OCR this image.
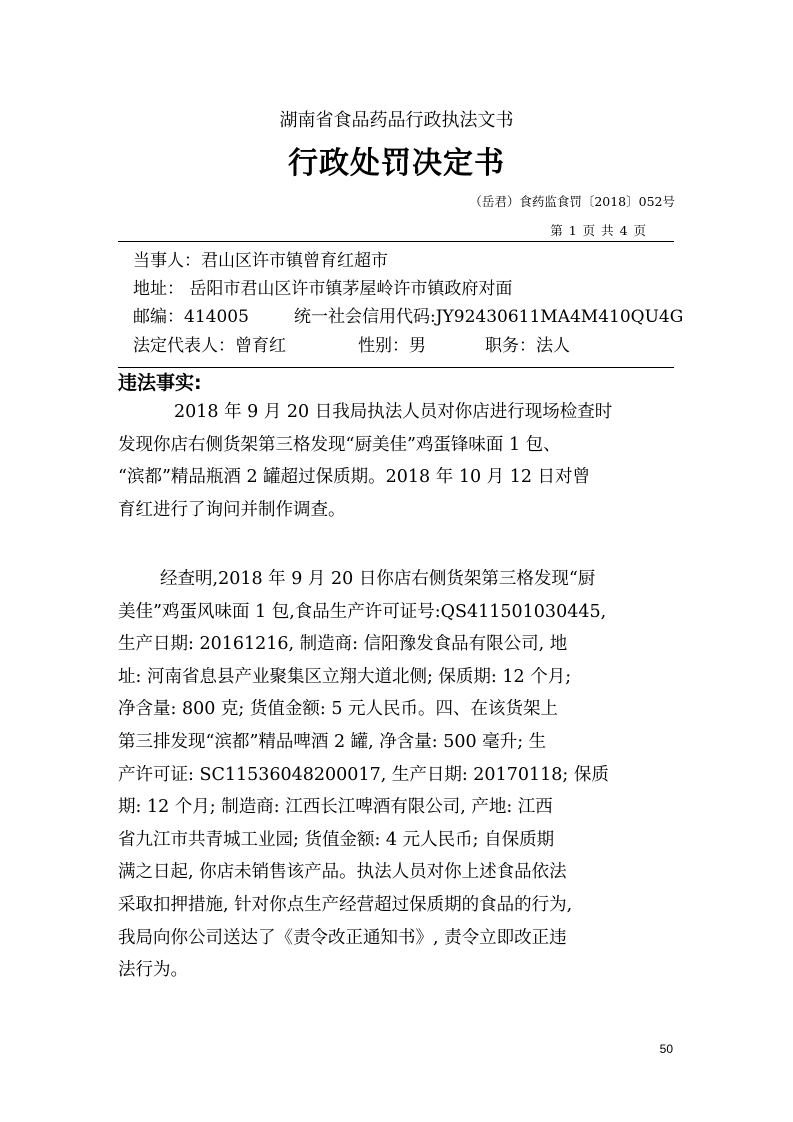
湖南省食品药品行政执法文书
行政处罚决定书
（岳君）食药监食罚〔2018〕052号
第 1 页 共 4 页
当事人：君山区许市镇曾育红超市
地址： 岳阳市君山区许市镇茅屋岭许市镇政府对面
邮编：414005	统一社会信用代码:JY92430611MA4M410QU4G
法定代表人：曾育红	性别：男	职务：法人
违法事实:
2018 年 9 月 20 日我局执法人员对你店进行现场检查时
发现你店右侧货架第三格发现“厨美佳”鸡蛋锋味面 1 包、
“滨都”精品瓶酒 2 罐超过保质期。2018 年 10 月 12 日对曾
育红进行了询问并制作调查。
经查明,2018 年 9 月 20 日你店右侧货架第三格发现“厨
美佳”鸡蛋风味面 1 包,食品生产许可证号:QS411501030445,
生产日期: 20161216, 制造商: 信阳豫发食品有限公司, 地
址: 河南省息县产业聚集区立翔大道北侧; 保质期: 12 个月;
净含量: 800 克; 货值金额: 5 元人民币。四、在该货架上
第三排发现“滨都”精品啤酒 2 罐, 净含量: 500 毫升; 生
产许可证: SC11536048200017, 生产日期: 20170118; 保质
期: 12 个月; 制造商: 江西长江啤酒有限公司, 产地: 江西
省九江市共青城工业园; 货值金额: 4 元人民币; 自保质期
满之日起, 你店未销售该产品。执法人员对你上述食品依法
采取扣押措施, 针对你点生产经营超过保质期的食品的行为,
我局向你公司送达了《责令改正通知书》, 责令立即改正违
法行为。
50
